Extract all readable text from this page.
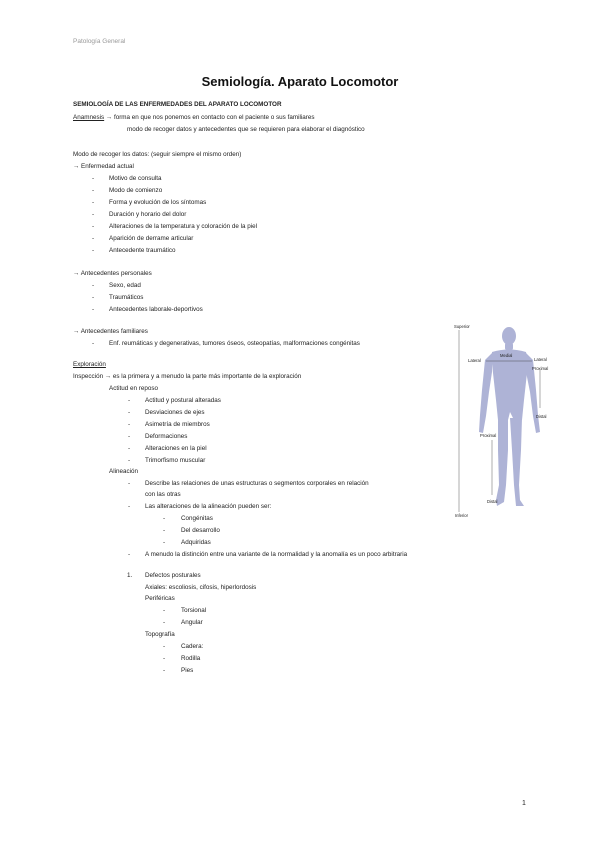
Patología General
Semiología. Aparato Locomotor
SEMIOLOGÍA DE LAS ENFERMEDADES DEL APARATO LOCOMOTOR
Anamnesis → forma en que nos ponemos en contacto con el paciente o sus familiares
modo de recoger datos y antecedentes que se requieren para elaborar el diagnóstico
Modo de recoger los datos: (seguir siempre el mismo orden)
→ Enfermedad actual
- Motivo de consulta
- Modo de comienzo
- Forma y evolución de los síntomas
- Duración y horario del dolor
- Alteraciones de la temperatura y coloración de la piel
- Aparición de derrame articular
- Antecedente traumático
→ Antecedentes personales
- Sexo, edad
- Traumáticos
- Antecedentes laborale-deportivos
→ Antecedentes familiares
- Enf. reumáticas y degenerativas, tumores óseos, osteopatías, malformaciones congénitas
Exploración
Inspección → es la primera y a menudo la parte más importante de la exploración
Actitud en reposo
- Actitud y postural alteradas
- Desviaciones de ejes
- Asimetría de miembros
- Deformaciones
- Alteraciones en la piel
- Trimorfismo muscular
Alineación
- Describe las relaciones de unas estructuras o segmentos corporales en relación
con las otras
- Las alteraciones de la alineación pueden ser:
-	Congénitas
-	Del desarrollo
-	Adquiridas
- A menudo la distinción entre una variante de la normalidad y la anomalía es un poco arbitraria
1. Defectos posturales
Axiales: escoliosis, cifosis, hiperlordosis
Periféricas
-	Torsional
-	Angular
Topografía
-	Cadera:
-	Rodilla
-	Pies
Superior
Lateral
Medial
Lateral
Proximal
Distal
Proximal
Distal
Inferior
1
